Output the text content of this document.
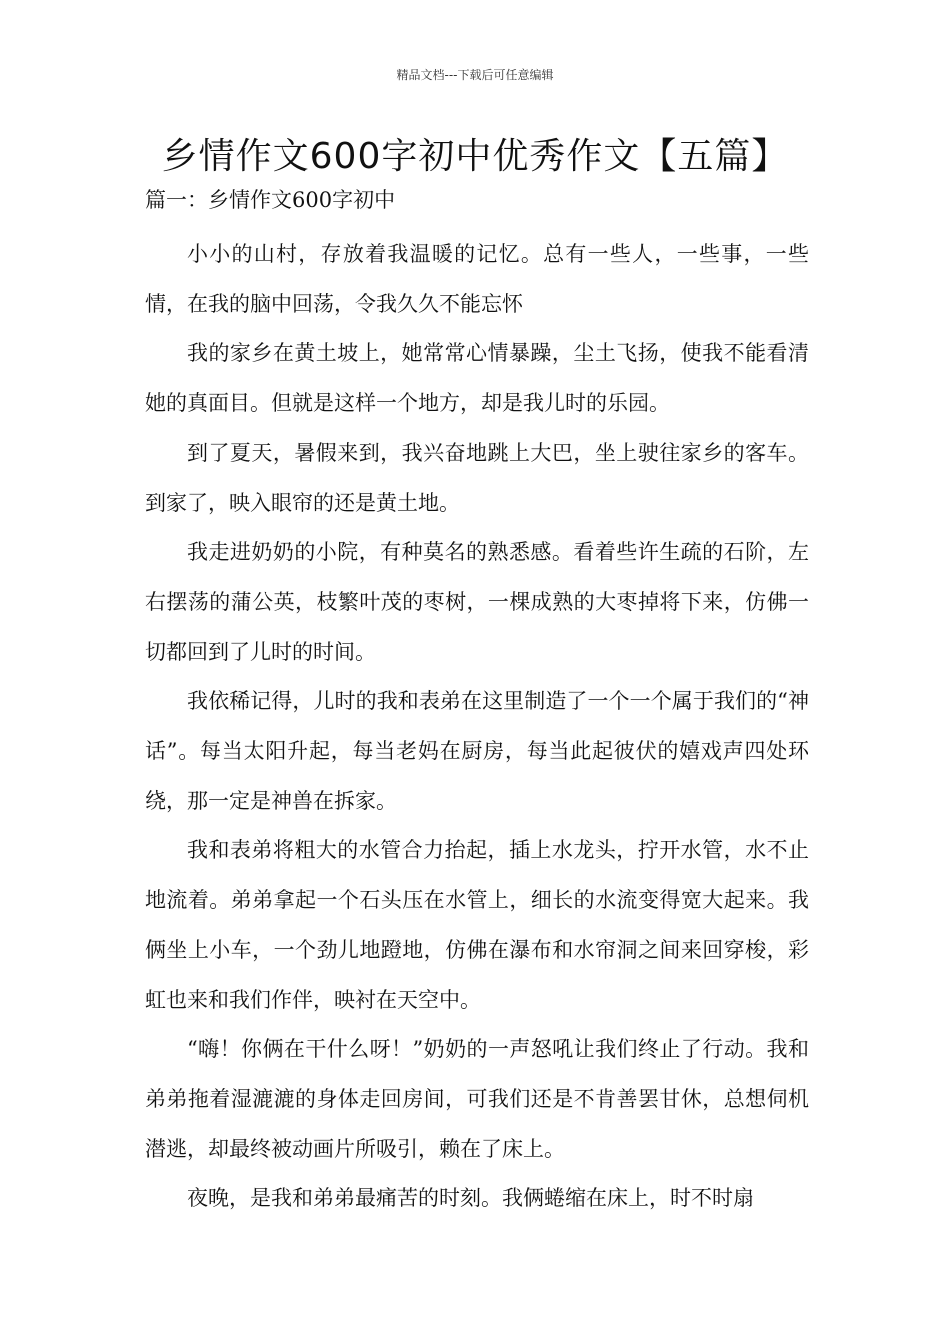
精品文档---下载后可任意编辑
乡情作文600字初中优秀作文【五篇】
篇一：乡情作文600字初中

小小的山村，存放着我温暖的记忆。总有一些人，一些事，一些情，在我的脑中回荡，令我久久不能忘怀

我的家乡在黄土坡上，她常常心情暴躁，尘土飞扬，使我不能看清她的真面目。但就是这样一个地方，却是我儿时的乐园。

到了夏天，暑假来到，我兴奋地跳上大巴，坐上驶往家乡的客车。到家了，映入眼帘的还是黄土地。

我走进奶奶的小院，有种莫名的熟悉感。看着些许生疏的石阶，左右摆荡的蒲公英，枝繁叶茂的枣树，一棵成熟的大枣掉将下来，仿佛一切都回到了儿时的时间。

我依稀记得，儿时的我和表弟在这里制造了一个一个属于我们的“神话”。每当太阳升起，每当老妈在厨房，每当此起彼伏的嬉戏声四处环绕，那一定是神兽在拆家。

我和表弟将粗大的水管合力抬起，插上水龙头，拧开水管，水不止地流着。弟弟拿起一个石头压在水管上，细长的水流变得宽大起来。我俩坐上小车，一个劲儿地蹬地，仿佛在瀑布和水帘洞之间来回穿梭，彩虹也来和我们作伴，映衬在天空中。

“嗨！你俩在干什么呀！”奶奶的一声怒吼让我们终止了行动。我和弟弟拖着湿漉漉的身体走回房间，可我们还是不肯善罢甘休，总想伺机潜逃，却最终被动画片所吸引，赖在了床上。

夜晚，是我和弟弟最痛苦的时刻。我俩蜷缩在床上，时不时扇
